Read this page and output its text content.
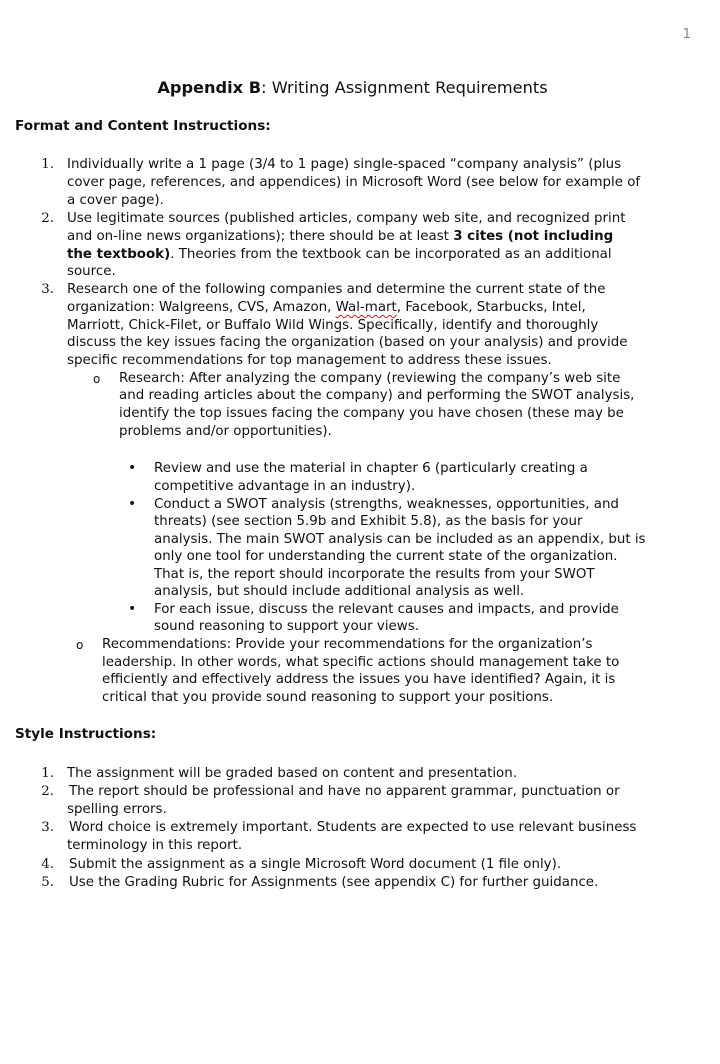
1
Appendix B: Writing Assignment Requirements
Format and Content Instructions:
1. Individually write a 1 page (3/4 to 1 page) single-spaced “company analysis” (plus
cover page, references, and appendices) in Microsoft Word (see below for example of
a cover page).
2. Use legitimate sources (published articles, company web site, and recognized print
and on-line news organizations); there should be at least 3 cites (not including
the textbook). Theories from the textbook can be incorporated as an additional
source.
3. Research one of the following companies and determine the current state of the
organization: Walgreens, CVS, Amazon, Wal-mart, Facebook, Starbucks, Intel,
Marriott, Chick-Filet, or Buffalo Wild Wings. Specifically, identify and thoroughly
discuss the key issues facing the organization (based on your analysis) and provide
specific recommendations for top management to address these issues.
o Research: After analyzing the company (reviewing the company’s web site
and reading articles about the company) and performing the SWOT analysis,
identify the top issues facing the company you have chosen (these may be
problems and/or opportunities).
• Review and use the material in chapter 6 (particularly creating a
competitive advantage in an industry).
• Conduct a SWOT analysis (strengths, weaknesses, opportunities, and
threats) (see section 5.9b and Exhibit 5.8), as the basis for your
analysis. The main SWOT analysis can be included as an appendix, but is
only one tool for understanding the current state of the organization.
That is, the report should incorporate the results from your SWOT
analysis, but should include additional analysis as well.
• For each issue, discuss the relevant causes and impacts, and provide
sound reasoning to support your views.
o Recommendations: Provide your recommendations for the organization’s
leadership. In other words, what specific actions should management take to
efficiently and effectively address the issues you have identified? Again, it is
critical that you provide sound reasoning to support your positions.
Style Instructions:
1. The assignment will be graded based on content and presentation.
2. The report should be professional and have no apparent grammar, punctuation or
spelling errors.
3. Word choice is extremely important. Students are expected to use relevant business
terminology in this report.
4. Submit the assignment as a single Microsoft Word document (1 file only).
5. Use the Grading Rubric for Assignments (see appendix C) for further guidance.
